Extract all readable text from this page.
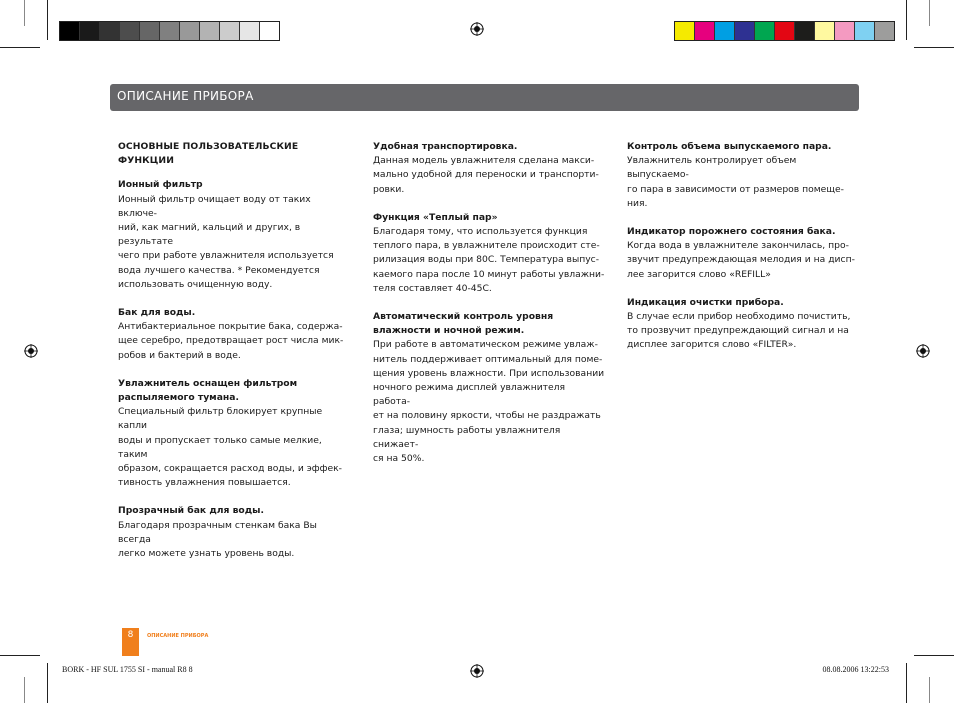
ОПИСАНИЕ ПРИБОРА
ОСНОВНЫЕ ПОЛЬЗОВАТЕЛЬСКИЕ ФУНКЦИИ
Ионный фильтр
Ионный фильтр очищает воду от таких включе-
ний, как магний, кальций и других, в результате
чего при работе увлажнителя используется
вода лучшего качества. * Рекомендуется
использовать очищенную воду.
Бак для воды.
Антибактериальное покрытие бака, содержа-
щее серебро, предотвращает рост числа мик-
робов и бактерий в воде.
Увлажнитель оснащен фильтром распыляемого тумана.
Специальный фильтр блокирует крупные капли
воды и пропускает только самые мелкие, таким
образом, сокращается расход воды, и эффек-
тивность увлажнения повышается.
Прозрачный бак для воды.
Благодаря прозрачным стенкам бака Вы всегда
легко можете узнать уровень воды.
Удобная транспортировка.
Данная модель увлажнителя сделана макси-
мально удобной для переноски и транспорти-
ровки.
Функция «Теплый пар»
Благодаря тому, что используется функция
теплого пара, в увлажнителе происходит сте-
рилизация воды при 80С. Температура выпус-
каемого пара после 10 минут работы увлажни-
теля составляет 40-45С.
Автоматический контроль уровня влажности и ночной режим.
При работе в автоматическом режиме увлаж-
нитель поддерживает оптимальный для поме-
щения уровень влажности. При использовании
ночного режима дисплей увлажнителя работа-
ет на половину яркости, чтобы не раздражать
глаза; шумность работы увлажнителя снижает-
ся на 50%.
Контроль объема выпускаемого пара.
Увлажнитель контролирует объем выпускаемо-
го пара в зависимости от размеров помеще-
ния.
Индикатор порожнего состояния бака.
Когда вода в увлажнителе закончилась, про-
звучит предупреждающая мелодия и на дисп-
лее загорится слово «REFILL»
Индикация очистки прибора.
В случае если прибор необходимо почистить,
то прозвучит предупреждающий сигнал и на
дисплее загорится слово «FILTER».
8	ОПИСАНИЕ ПРИБОРА
BORK - HF SUL 1755 SI - manual R8 8	08.08.2006 13:22:53
